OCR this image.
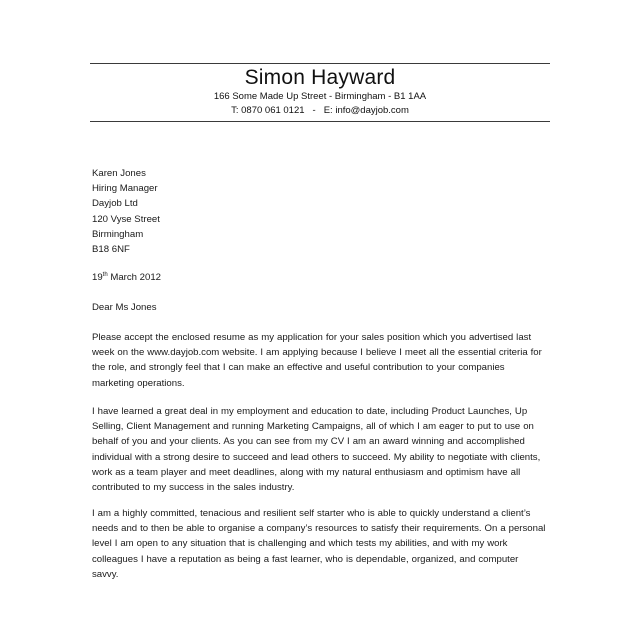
Simon Hayward
166 Some Made Up Street - Birmingham - B1 1AA
T: 0870 061 0121 - E: info@dayjob.com
Karen Jones
Hiring Manager
Dayjob Ltd
120 Vyse Street
Birmingham
B18 6NF
19th March 2012
Dear Ms Jones
Please accept the enclosed resume as my application for your sales position which you advertised last week on the www.dayjob.com website. I am applying because I believe I meet all the essential criteria for the role, and strongly feel that I can make an effective and useful contribution to your companies marketing operations.
I have learned a great deal in my employment and education to date, including Product Launches, Up Selling, Client Management and running Marketing Campaigns, all of which I am eager to put to use on behalf of you and your clients. As you can see from my CV I am an award winning and accomplished individual with a strong desire to succeed and lead others to succeed. My ability to negotiate with clients, work as a team player and meet deadlines, along with my natural enthusiasm and optimism have all contributed to my success in the sales industry.
I am a highly committed, tenacious and resilient self starter who is able to quickly understand a client’s needs and to then be able to organise a company’s resources to satisfy their requirements. On a personal level I am open to any situation that is challenging and which tests my abilities, and with my work colleagues I have a reputation as being a fast learner, who is dependable, organized, and computer savvy.
